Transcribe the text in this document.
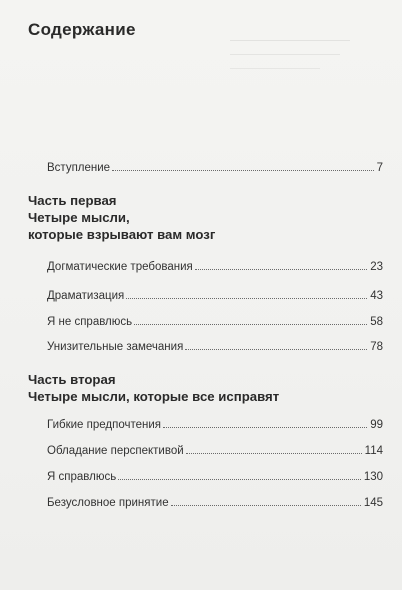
Содержание
Вступление	7
Часть первая
Четыре мысли,
которые взрывают вам мозг
Догматические требования	23
Драматизация	43
Я не справлюсь	58
Унизительные замечания	78
Часть вторая
Четыре мысли, которые все исправят
Гибкие предпочтения	99
Обладание перспективой	114
Я справлюсь	130
Безусловное принятие	145
